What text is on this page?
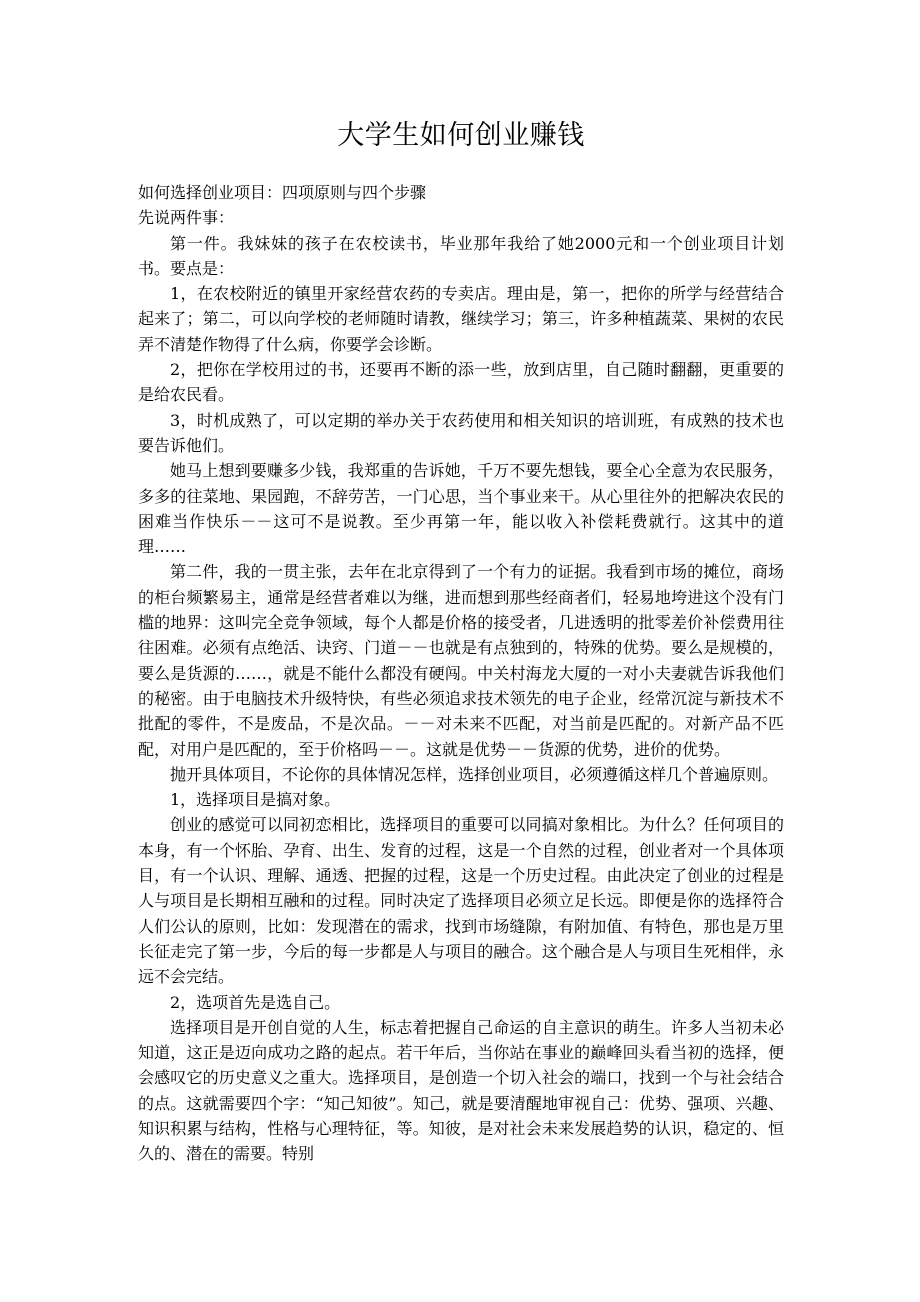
大学生如何创业赚钱

如何选择创业项目：四项原则与四个步骤

先说两件事：

第一件。我妹妹的孩子在农校读书，毕业那年我给了她2000元和一个创业项目计划书。要点是：

1，在农校附近的镇里开家经营农药的专卖店。理由是，第一，把你的所学与经营结合起来了；第二，可以向学校的老师随时请教，继续学习；第三，许多种植蔬菜、果树的农民弄不清楚作物得了什么病，你要学会诊断。

2，把你在学校用过的书，还要再不断的添一些，放到店里，自己随时翻翻，更重要的是给农民看。

3，时机成熟了，可以定期的举办关于农药使用和相关知识的培训班，有成熟的技术也要告诉他们。

她马上想到要赚多少钱，我郑重的告诉她，千万不要先想钱，要全心全意为农民服务，多多的往菜地、果园跑，不辞劳苦，一门心思，当个事业来干。从心里往外的把解决农民的困难当作快乐－－这可不是说教。至少再第一年，能以收入补偿耗费就行。这其中的道理……

第二件，我的一贯主张，去年在北京得到了一个有力的证据。我看到市场的摊位，商场的柜台频繁易主，通常是经营者难以为继，进而想到那些经商者们，轻易地垮进这个没有门槛的地界：这叫完全竞争领域，每个人都是价格的接受者，几进透明的批零差价补偿费用往往困难。必须有点绝活、诀窍、门道－－也就是有点独到的，特殊的优势。要么是规模的，要么是货源的……，就是不能什么都没有硬闯。中关村海龙大厦的一对小夫妻就告诉我他们的秘密。由于电脑技术升级特快，有些必须追求技术领先的电子企业，经常沉淀与新技术不批配的零件，不是废品，不是次品。－－对未来不匹配，对当前是匹配的。对新产品不匹配，对用户是匹配的，至于价格吗－－。这就是优势－－货源的优势，进价的优势。

抛开具体项目，不论你的具体情况怎样，选择创业项目，必须遵循这样几个普遍原则。

1，选择项目是搞对象。

创业的感觉可以同初恋相比，选择项目的重要可以同搞对象相比。为什么？任何项目的本身，有一个怀胎、孕育、出生、发育的过程，这是一个自然的过程，创业者对一个具体项目，有一个认识、理解、通透、把握的过程，这是一个历史过程。由此决定了创业的过程是人与项目是长期相互融和的过程。同时决定了选择项目必须立足长远。即便是你的选择符合人们公认的原则，比如：发现潜在的需求，找到市场缝隙，有附加值、有特色，那也是万里长征走完了第一步，今后的每一步都是人与项目的融合。这个融合是人与项目生死相伴，永远不会完结。

2，选项首先是选自己。

选择项目是开创自觉的人生，标志着把握自己命运的自主意识的萌生。许多人当初未必知道，这正是迈向成功之路的起点。若干年后，当你站在事业的巅峰回头看当初的选择，便会感叹它的历史意义之重大。选择项目，是创造一个切入社会的端口，找到一个与社会结合的点。这就需要四个字：“知己知彼”。知己，就是要清醒地审视自己：优势、强项、兴趣、知识积累与结构，性格与心理特征，等。知彼，是对社会未来发展趋势的认识，稳定的、恒久的、潜在的需要。特别
